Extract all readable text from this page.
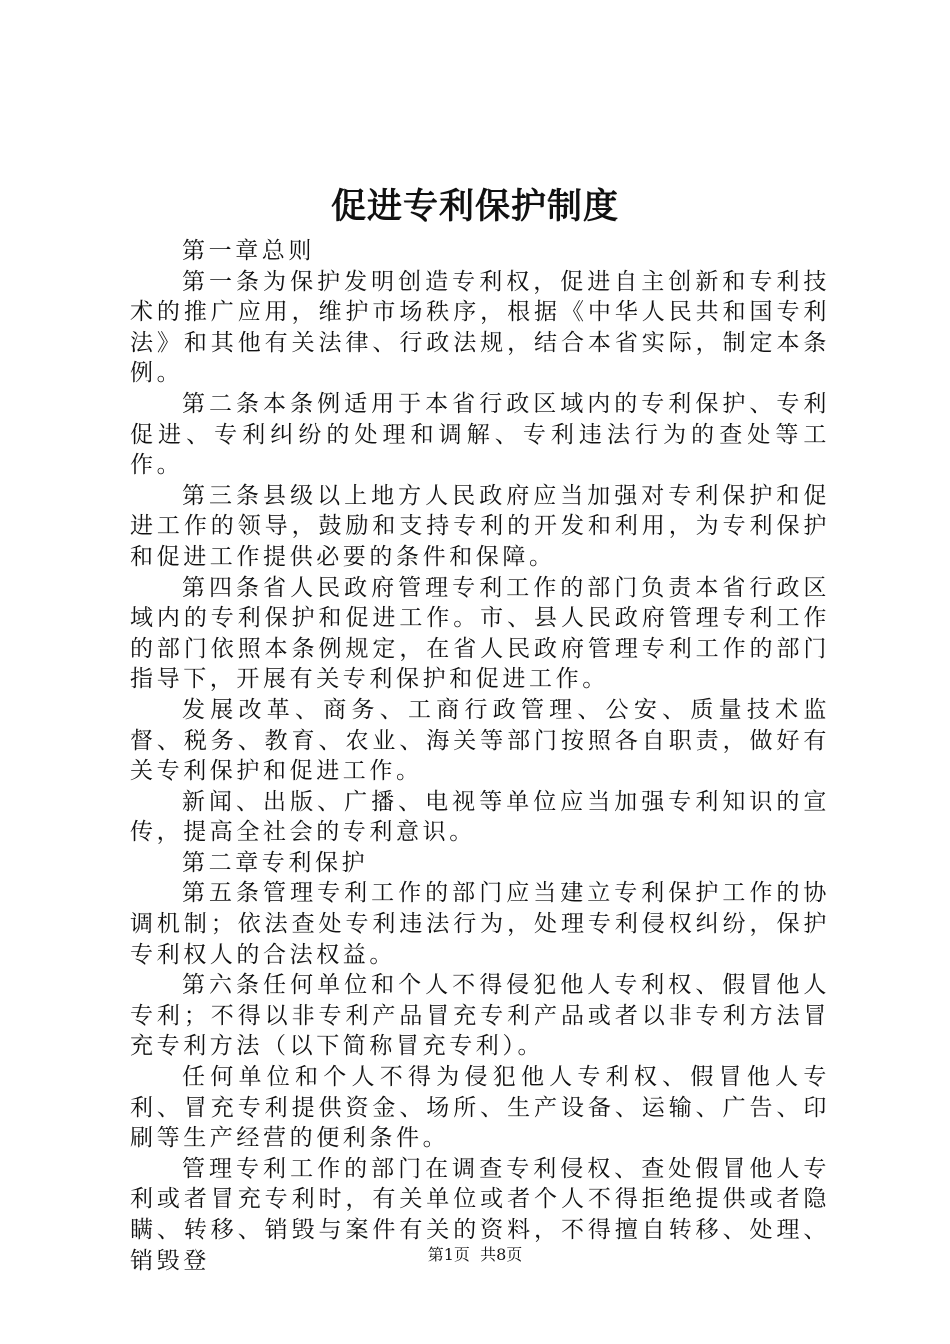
促进专利保护制度

第一章总则

第一条为保护发明创造专利权，促进自主创新和专利技术的推广应用，维护市场秩序，根据《中华人民共和国专利法》和其他有关法律、行政法规，结合本省实际，制定本条例。

第二条本条例适用于本省行政区域内的专利保护、专利促进、专利纠纷的处理和调解、专利违法行为的查处等工作。

第三条县级以上地方人民政府应当加强对专利保护和促进工作的领导，鼓励和支持专利的开发和利用，为专利保护和促进工作提供必要的条件和保障。

第四条省人民政府管理专利工作的部门负责本省行政区域内的专利保护和促进工作。市、县人民政府管理专利工作的部门依照本条例规定，在省人民政府管理专利工作的部门指导下，开展有关专利保护和促进工作。

发展改革、商务、工商行政管理、公安、质量技术监督、税务、教育、农业、海关等部门按照各自职责，做好有关专利保护和促进工作。

新闻、出版、广播、电视等单位应当加强专利知识的宣传，提高全社会的专利意识。

第二章专利保护

第五条管理专利工作的部门应当建立专利保护工作的协调机制；依法查处专利违法行为，处理专利侵权纠纷，保护专利权人的合法权益。

第六条任何单位和个人不得侵犯他人专利权、假冒他人专利；不得以非专利产品冒充专利产品或者以非专利方法冒充专利方法（以下简称冒充专利）。

任何单位和个人不得为侵犯他人专利权、假冒他人专利、冒充专利提供资金、场所、生产设备、运输、广告、印刷等生产经营的便利条件。

管理专利工作的部门在调查专利侵权、查处假冒他人专利或者冒充专利时，有关单位或者个人不得拒绝提供或者隐瞒、转移、销毁与案件有关的资料，不得擅自转移、处理、销毁登	第1页  共8页
